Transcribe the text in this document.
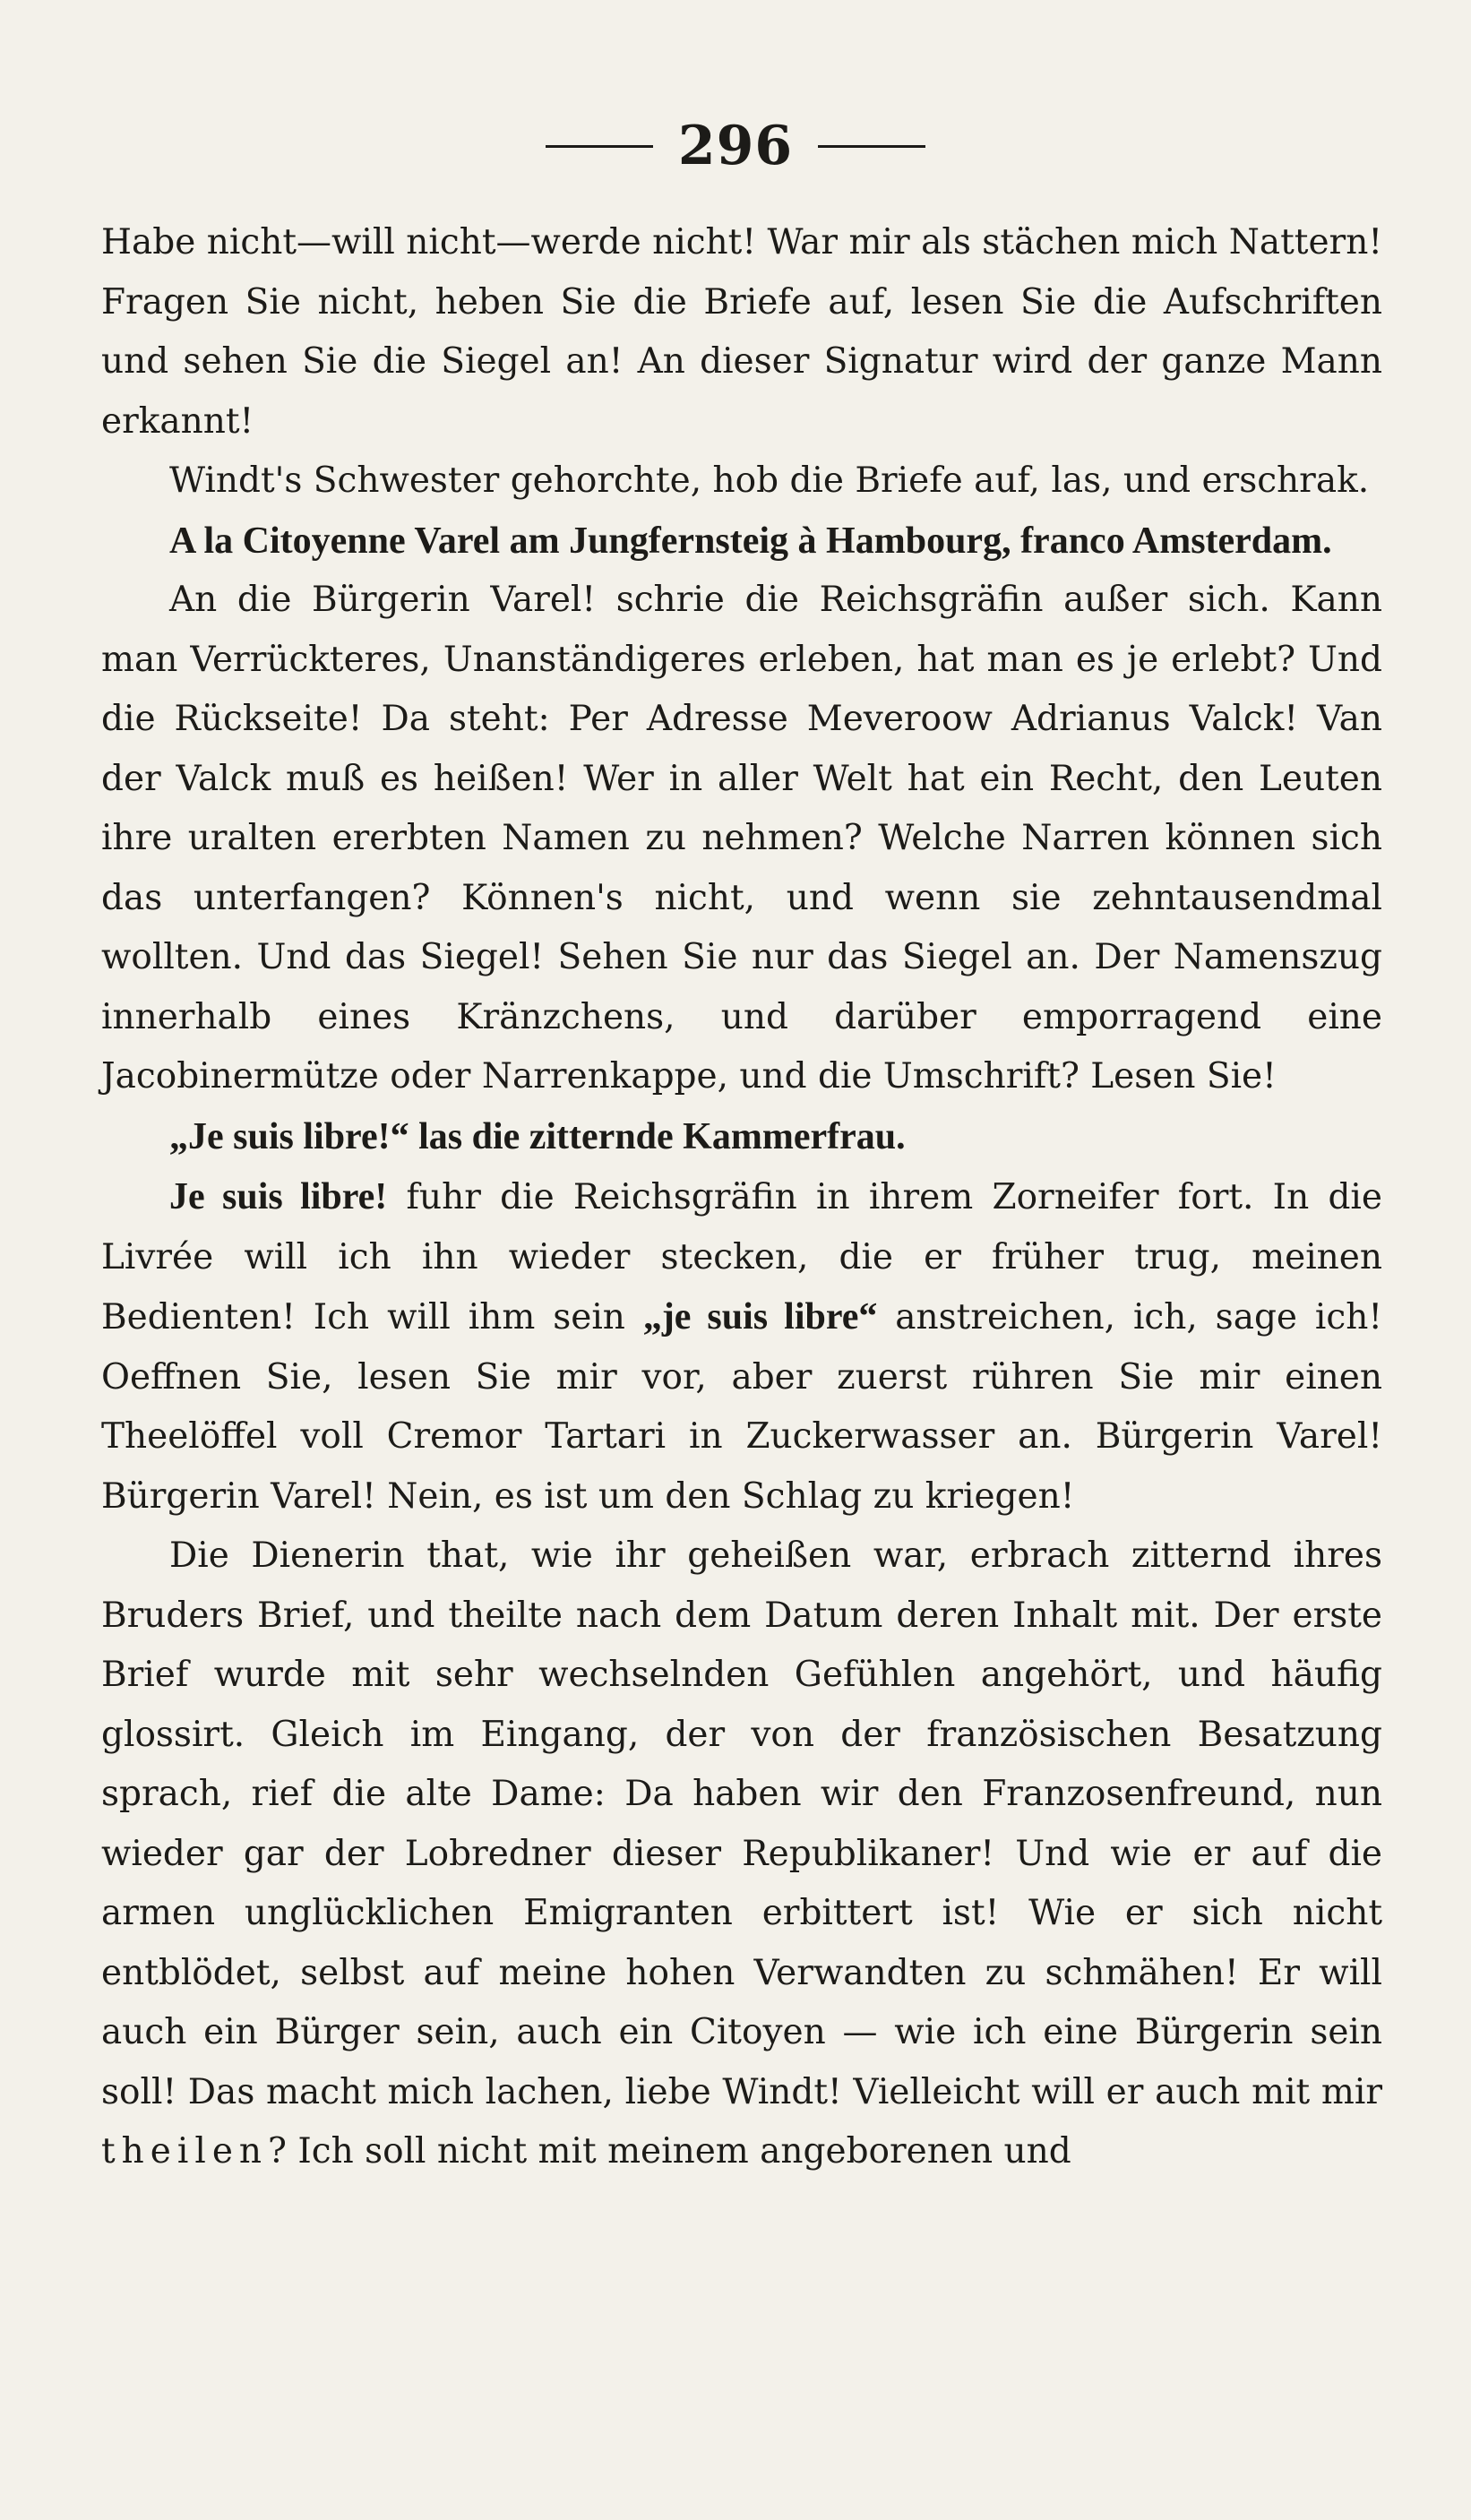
296

Habe nicht—will nicht—werde nicht! War mir als stächen mich Nattern! Fragen Sie nicht, heben Sie die Briefe auf, lesen Sie die Aufschriften und sehen Sie die Siegel an! An dieser Signatur wird der ganze Mann erkannt!

Windt's Schwester gehorchte, hob die Briefe auf, las, und erschrak.

A la Citoyenne Varel am Jungfernsteig à Hambourg, franco Amsterdam.

An die Bürgerin Varel! schrie die Reichsgräfin außer sich. Kann man Verrückteres, Unanständigeres erleben, hat man es je erlebt? Und die Rückseite! Da steht: Per Adresse Meveroow Adrianus Valck! Van der Valck muß es heißen! Wer in aller Welt hat ein Recht, den Leuten ihre uralten ererbten Namen zu nehmen? Welche Narren können sich das unterfangen? Können's nicht, und wenn sie zehntausendmal wollten. Und das Siegel! Sehen Sie nur das Siegel an. Der Namenszug innerhalb eines Kränzchens, und darüber emporragend eine Jacobinermütze oder Narrenkappe, und die Umschrift? Lesen Sie!

„Je suis libre!“ las die zitternde Kammerfrau.

Je suis libre! fuhr die Reichsgräfin in ihrem Zorneifer fort. In die Livrée will ich ihn wieder stecken, die er früher trug, meinen Bedienten! Ich will ihm sein „je suis libre“ anstreichen, ich, sage ich! Oeffnen Sie, lesen Sie mir vor, aber zuerst rühren Sie mir einen Theelöffel voll Cremor Tartari in Zuckerwasser an. Bürgerin Varel! Bürgerin Varel! Nein, es ist um den Schlag zu kriegen!

Die Dienerin that, wie ihr geheißen war, erbrach zitternd ihres Bruders Brief, und theilte nach dem Datum deren Inhalt mit. Der erste Brief wurde mit sehr wechselnden Gefühlen angehört, und häufig glossirt. Gleich im Eingang, der von der französischen Besatzung sprach, rief die alte Dame: Da haben wir den Franzosenfreund, nun wieder gar der Lobredner dieser Republikaner! Und wie er auf die armen unglücklichen Emigranten erbittert ist! Wie er sich nicht entblödet, selbst auf meine hohen Verwandten zu schmähen! Er will auch ein Bürger sein, auch ein Citoyen — wie ich eine Bürgerin sein soll! Das macht mich lachen, liebe Windt! Vielleicht will er auch mit mir theilen? Ich soll nicht mit meinem angeborenen und
